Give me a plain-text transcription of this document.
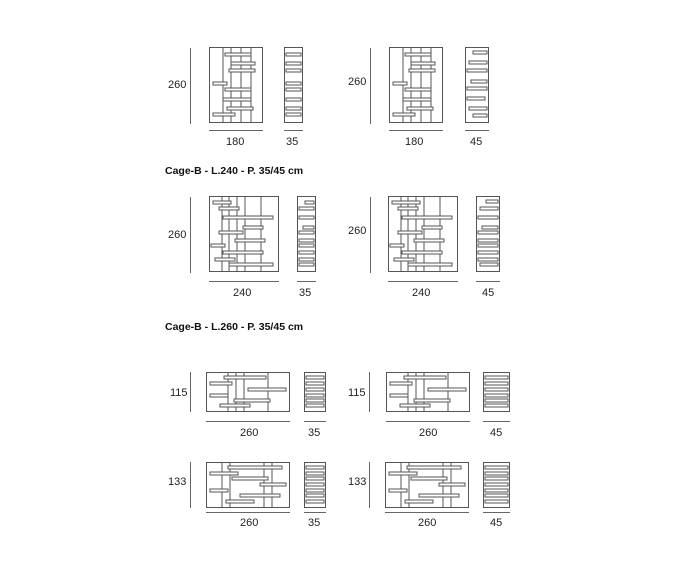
Cage-B - L.240 - P. 35/45 cm
Cage-B - L.260 - P. 35/45 cm
260
180	35
260
180	45
260
240	35
260
240	45
115
260	35
115
260	45
133
260	35
133
260	45
